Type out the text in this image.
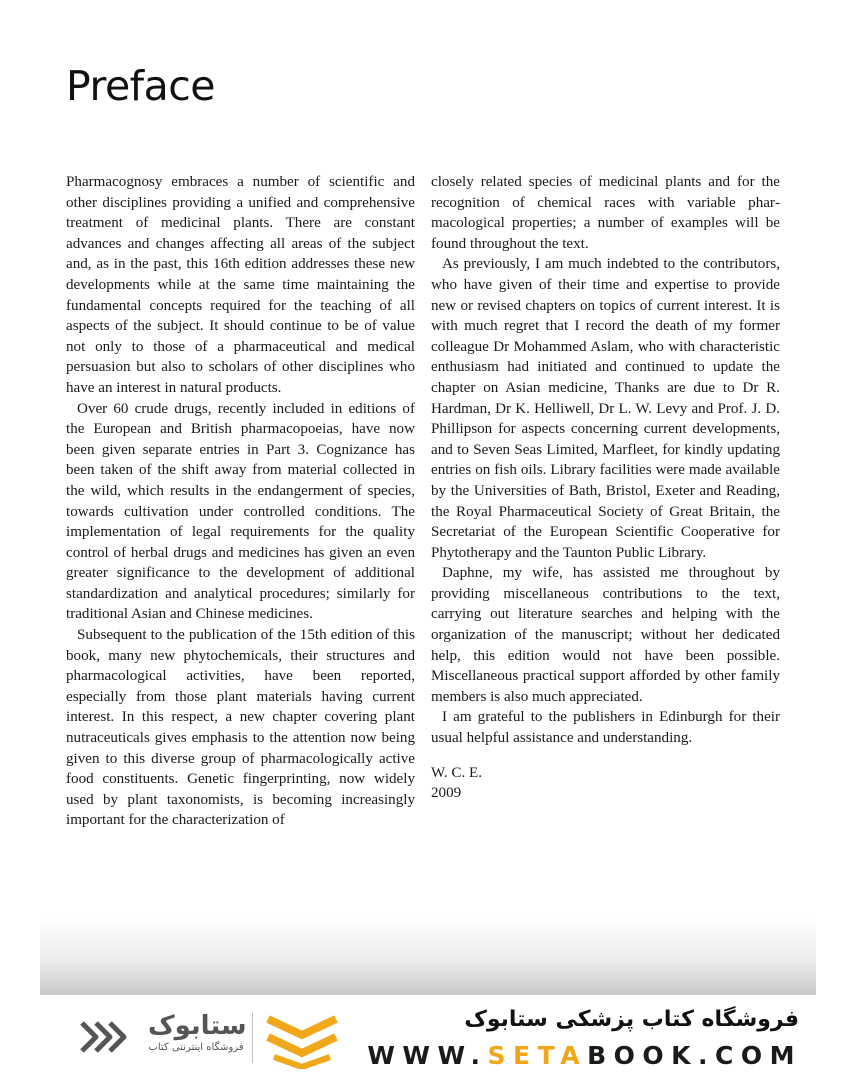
Preface

Pharmacognosy embraces a number of scientific and other disciplines providing a unified and comprehensive treatment of medicinal plants. There are constant advances and changes affecting all areas of the subject and, as in the past, this 16th edition addresses these new developments while at the same time maintaining the fundamental concepts required for the teaching of all aspects of the subject. It should continue to be of value not only to those of a pharmaceutical and medical persuasion but also to scholars of other disciplines who have an interest in natural products.

Over 60 crude drugs, recently included in editions of the European and British pharmacopoeias, have now been given separate entries in Part 3. Cognizance has been taken of the shift away from material collected in the wild, which results in the endangerment of species, towards cultivation under controlled conditions. The implementation of legal requirements for the quality control of herbal drugs and medicines has given an even greater significance to the development of additional standardization and analytical procedures; similarly for traditional Asian and Chinese medicines.

Subsequent to the publication of the 15th edition of this book, many new phytochemicals, their structures and pharmacological activities, have been reported, especially from those plant materials having current interest. In this respect, a new chapter covering plant nutraceuticals gives emphasis to the attention now being given to this diverse group of pharmacologically active food constituents. Genetic fingerprinting, now widely used by plant taxonomists, is becoming increasingly important for the characterization of

closely related species of medicinal plants and for the recognition of chemical races with variable pharmacological properties; a number of examples will be found throughout the text.

As previously, I am much indebted to the contributors, who have given of their time and expertise to provide new or revised chapters on topics of current interest. It is with much regret that I record the death of my former colleague Dr Mohammed Aslam, who with characteristic enthusiasm had initiated and continued to update the chapter on Asian medicine, Thanks are due to Dr R. Hardman, Dr K. Helliwell, Dr L. W. Levy and Prof. J. D. Phillipson for aspects concerning current developments, and to Seven Seas Limited, Marfleet, for kindly updating entries on fish oils. Library facilities were made available by the Universities of Bath, Bristol, Exeter and Reading, the Royal Pharmaceutical Society of Great Britain, the Secretariat of the European Scientific Cooperative for Phytotherapy and the Taunton Public Library.

Daphne, my wife, has assisted me throughout by providing miscellaneous contributions to the text, carrying out literature searches and helping with the organization of the manuscript; without her dedicated help, this edition would not have been possible. Miscellaneous practical support afforded by other family members is also much appreciated.

I am grateful to the publishers in Edinburgh for their usual helpful assistance and understanding.

W. C. E.

2009

ستابوک
فروشگاه اینترنتی کتاب
فروشگاه کتاب پزشکی ستابوک
WWW.SETABOOK.COM
